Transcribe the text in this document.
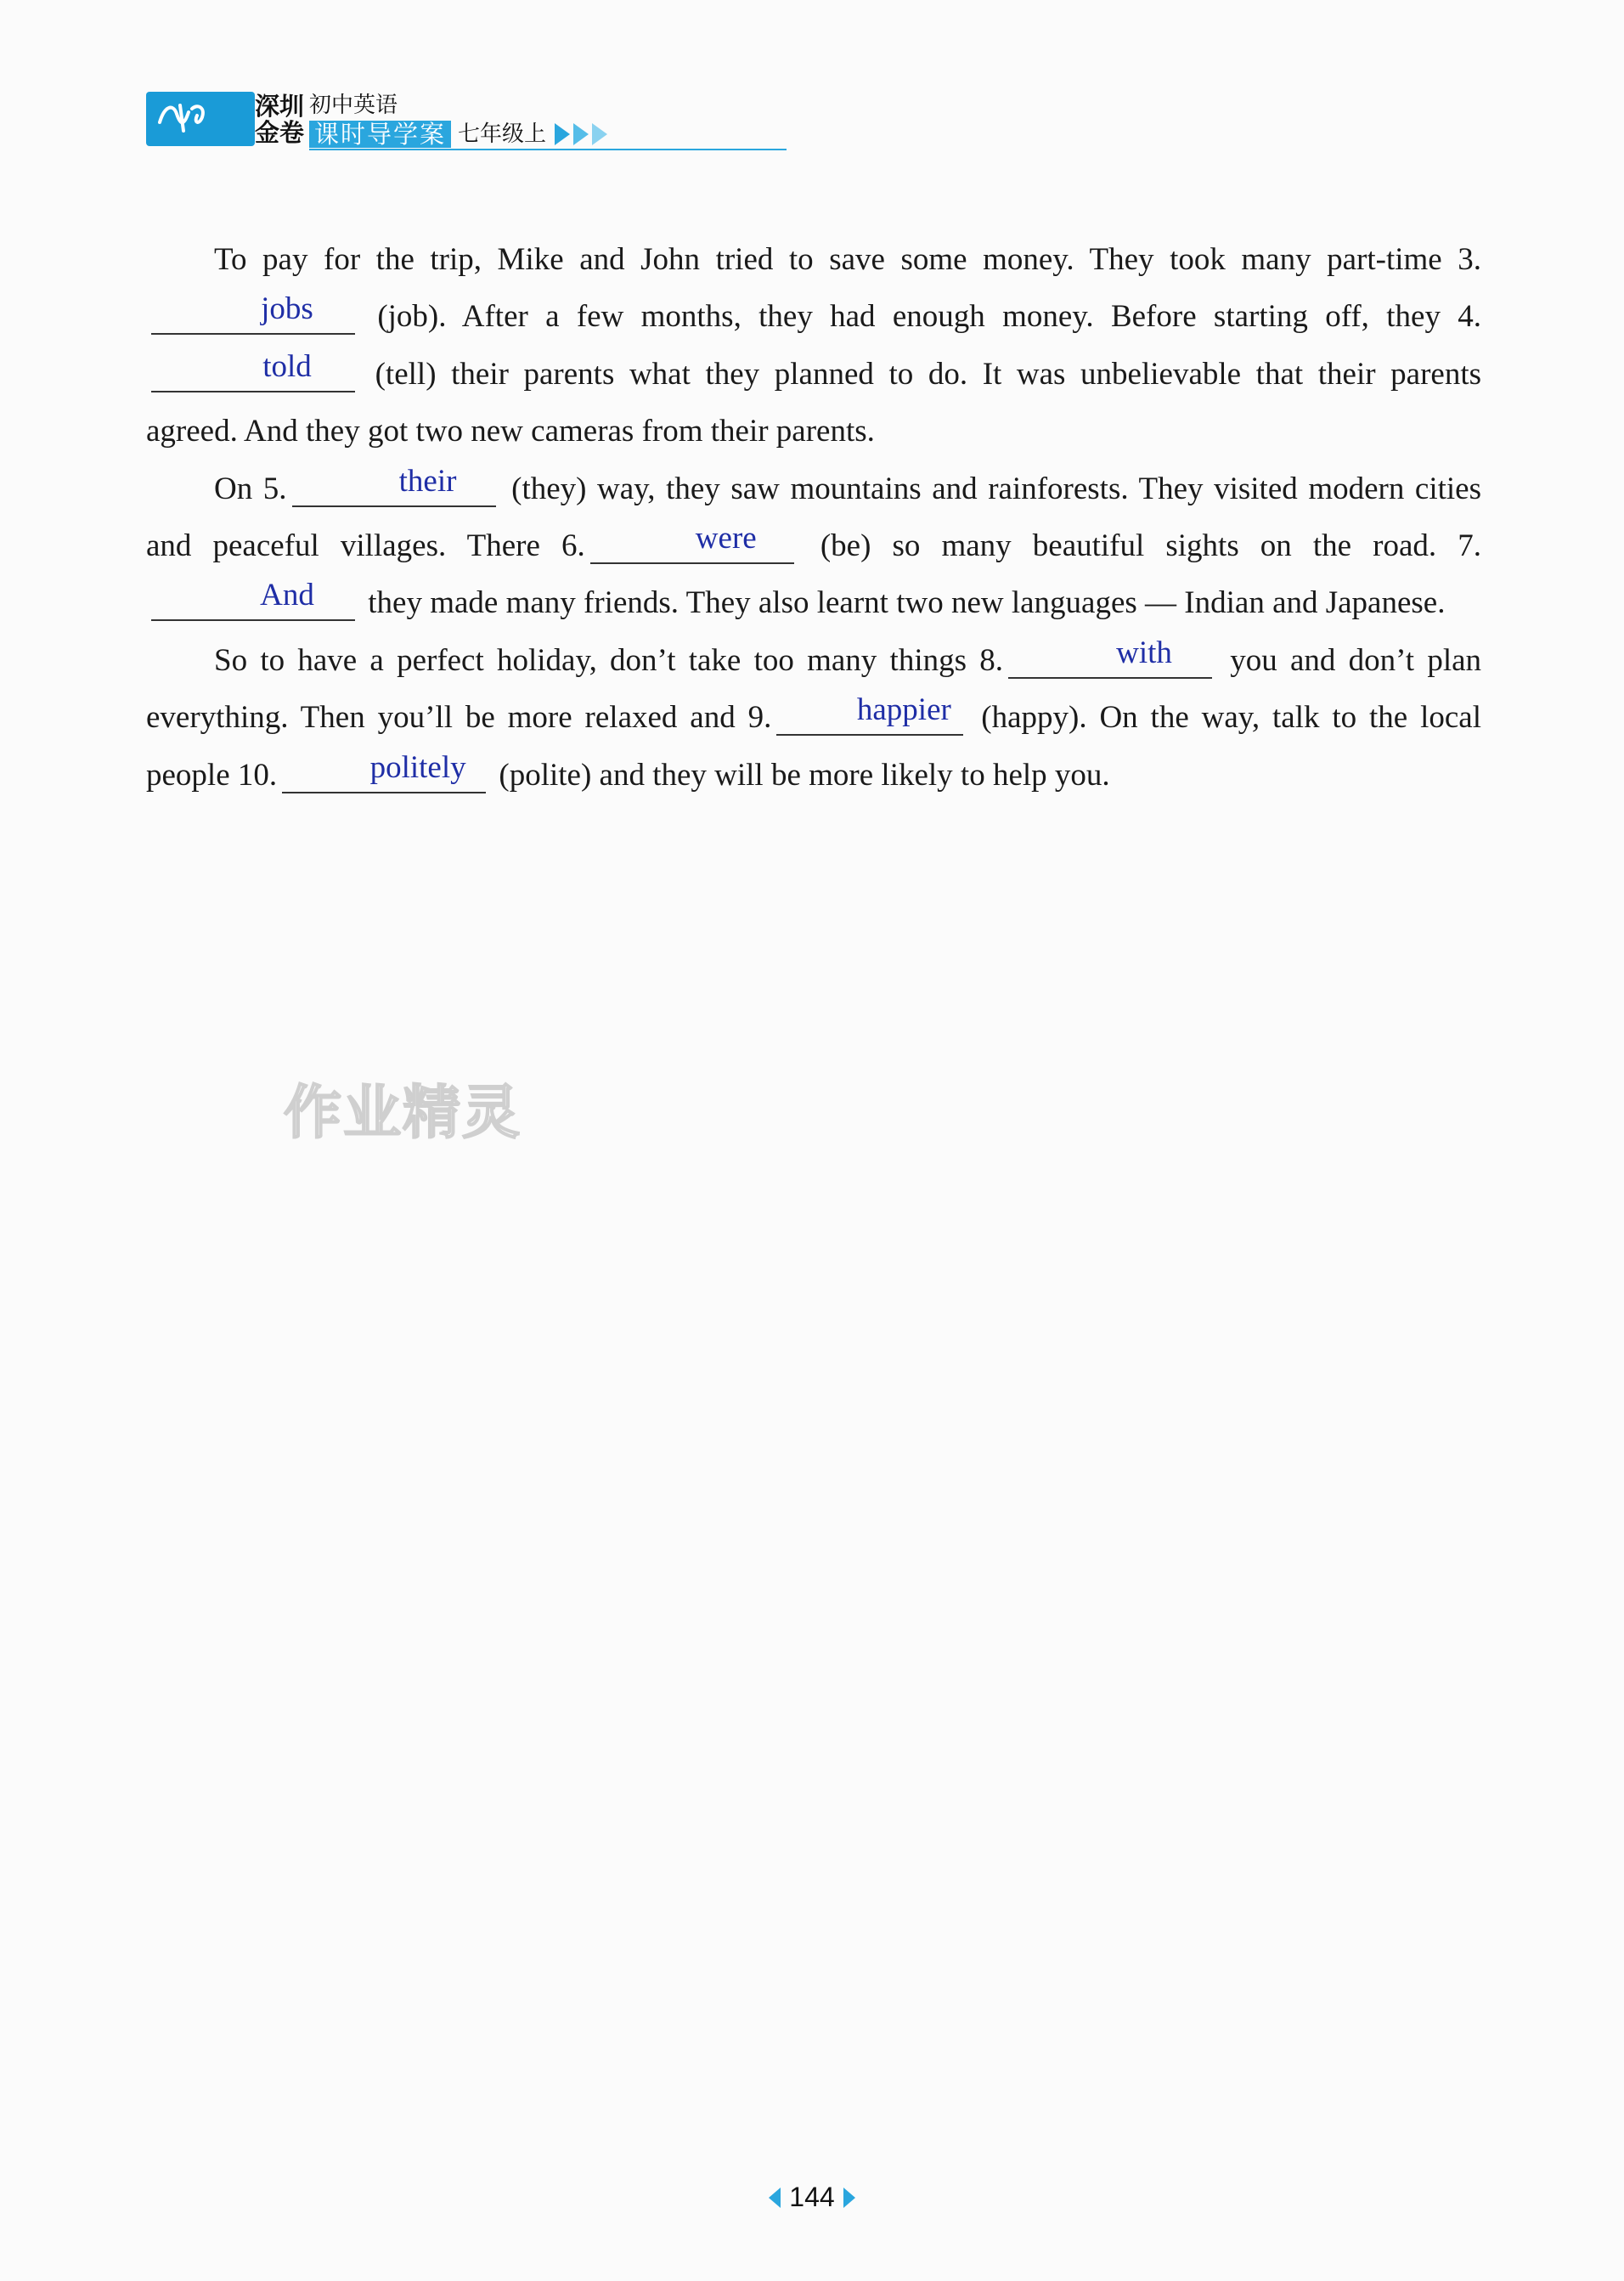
深圳
金卷
初中英语
课时导学案 七年级上

To pay for the trip, Mike and John tried to save some money. They took many part-time 3.
jobs	(job). After a few months, they had enough money. Before starting off, they 4.
told	(tell) their parents what they planned to do. It was unbelievable that their parents agreed. And they got two new cameras from their parents.

On 5.	their	(they) way, they saw mountains and rainforests. They visited modern cities and peaceful villages. There 6.	were	(be) so many beautiful sights on the road. 7.
And	they made many friends. They also learnt two new languages — Indian and Japanese.

So to have a perfect holiday, don’t take too many things 8.	with	you and don’t plan everything. Then you’ll be more relaxed and 9.	happier (happy). On the way, talk to the local people 10.	politely	(polite) and they will be more likely to help you.

作业精灵
144
